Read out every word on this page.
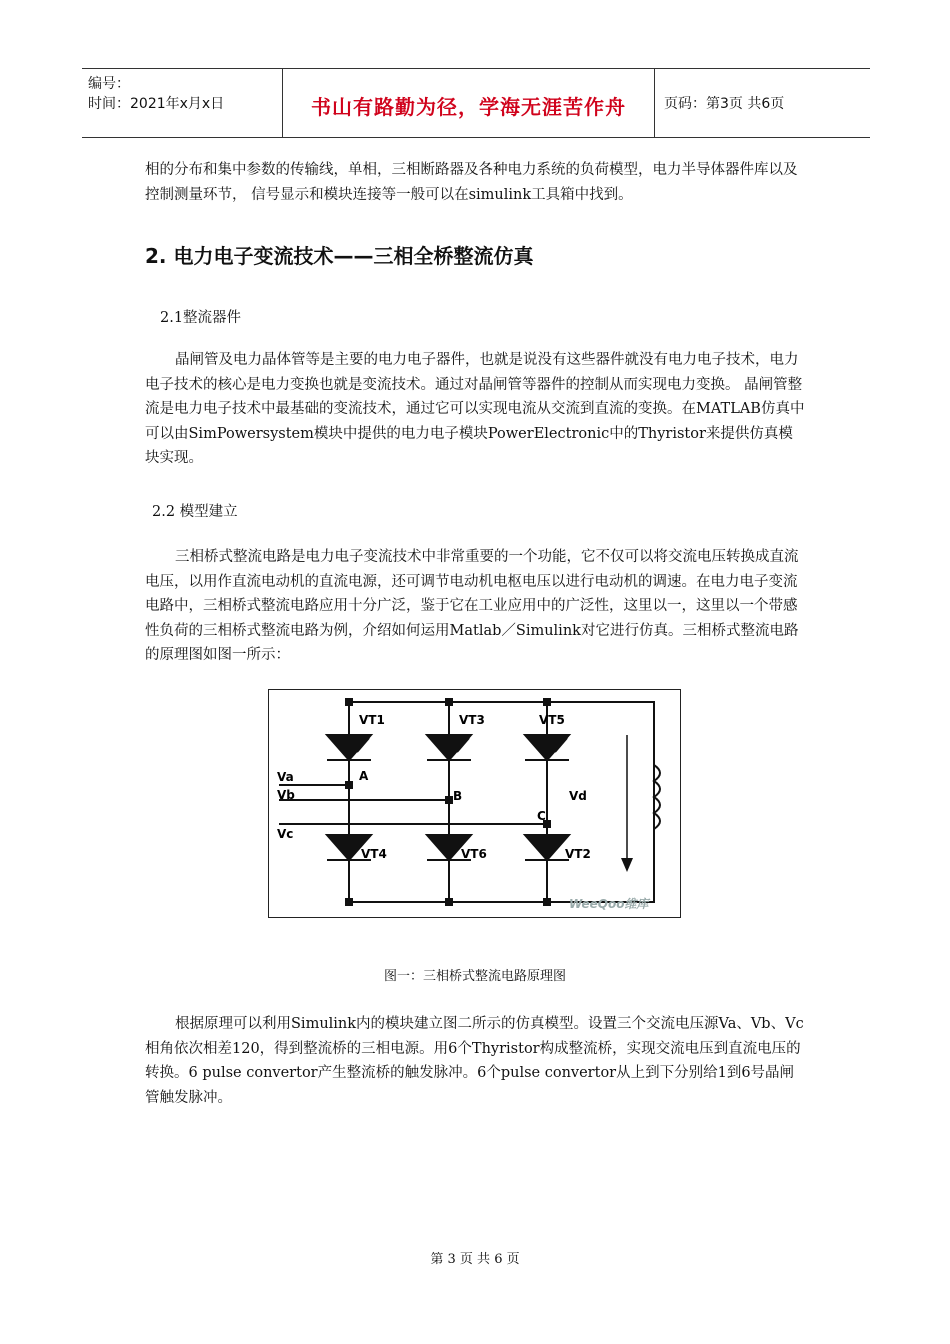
编号：
时间：2021年x月x日	书山有路勤为径，学海无涯苦作舟	页码：第3页 共6页
相的分布和集中参数的传输线，单相，三相断路器及各种电力系统的负荷模型，电力半导体器件库以及控制测量环节， 信号显示和模块连接等一般可以在simulink工具箱中找到。
2. 电力电子变流技术——三相全桥整流仿真
2.1整流器件
晶闸管及电力晶体管等是主要的电力电子器件，也就是说没有这些器件就没有电力电子技术，电力电子技术的核心是电力变换也就是变流技术。通过对晶闸管等器件的控制从而实现电力变换。 晶闸管整流是电力电子技术中最基础的变流技术，通过它可以实现电流从交流到直流的变换。在MATLAB仿真中可以由SimPowersystem模块中提供的电力电子模块PowerElectronic中的Thyristor来提供仿真模块实现。
2.2 模型建立
三相桥式整流电路是电力电子变流技术中非常重要的一个功能，它不仅可以将交流电压转换成直流电压，以用作直流电动机的直流电源，还可调节电动机电枢电压以进行电动机的调速。在电力电子变流电路中，三相桥式整流电路应用十分广泛，鉴于它在工业应用中的广泛性，这里以一，这里以一个带感性负荷的三相桥式整流电路为例，介绍如何运用Matlab／Simulink对它进行仿真。三相桥式整流电路的原理图如图一所示：
VT1	VT3	VT5
VT4	VT6	VT2
Va
Vb
Vc
A
B
C
Vd
WeeQoo维库
图一：三相桥式整流电路原理图
根据原理可以利用Simulink内的模块建立图二所示的仿真模型。设置三个交流电压源Va、Vb、Vc相角依次相差120，得到整流桥的三相电源。用6个Thyristor构成整流桥，实现交流电压到直流电压的转换。6 pulse convertor产生整流桥的触发脉冲。6个pulse convertor从上到下分别给1到6号晶闸管触发脉冲。
第 3 页 共 6 页
